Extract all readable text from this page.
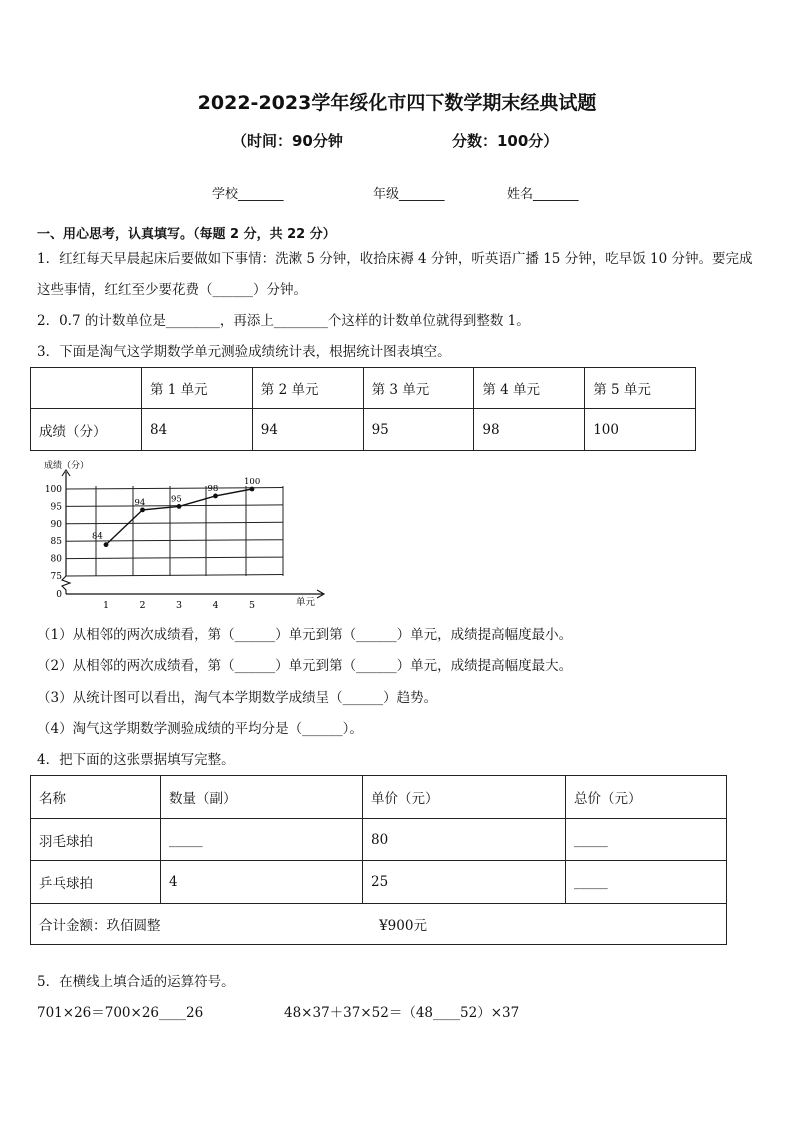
2022-2023学年绥化市四下数学期末经典试题
（时间：90分钟	分数：100分）
学校_______	年级_______	姓名_______
一、用心思考，认真填写。（每题 2 分，共 22 分）
1．红红每天早晨起床后要做如下事情：洗漱 5 分钟，收拾床褥 4 分钟，听英语广播 15 分钟，吃早饭 10 分钟。要完成
这些事情，红红至少要花费（______）分钟。
2．0.7 的计数单位是________，再添上________个这样的计数单位就得到整数 1。
3．下面是淘气这学期数学单元测验成绩统计表，根据统计图表填空。
	第 1 单元	第 2 单元	第 3 单元	第 4 单元	第 5 单元
成绩（分）	84	94	95	98	100
成绩（分）
单元
0
75
80
85
90
95
100
1	2	3	4	5
84
94	95
98
100
（1）从相邻的两次成绩看，第（______）单元到第（______）单元，成绩提高幅度最小。
（2）从相邻的两次成绩看，第（______）单元到第（______）单元，成绩提高幅度最大。
（3）从统计图可以看出，淘气本学期数学成绩呈（______）趋势。
（4）淘气这学期数学测验成绩的平均分是（______）。
4．把下面的这张票据填写完整。
名称	数量（副）	单价（元）	总价（元）
羽毛球拍	_____	80	_____
乒乓球拍	4	25	_____
合计金额：玖佰圆整 ¥900元			
5．在横线上填合适的运算符号。
701×26＝700×26____26	48×37＋37×52＝（48____52）×37
